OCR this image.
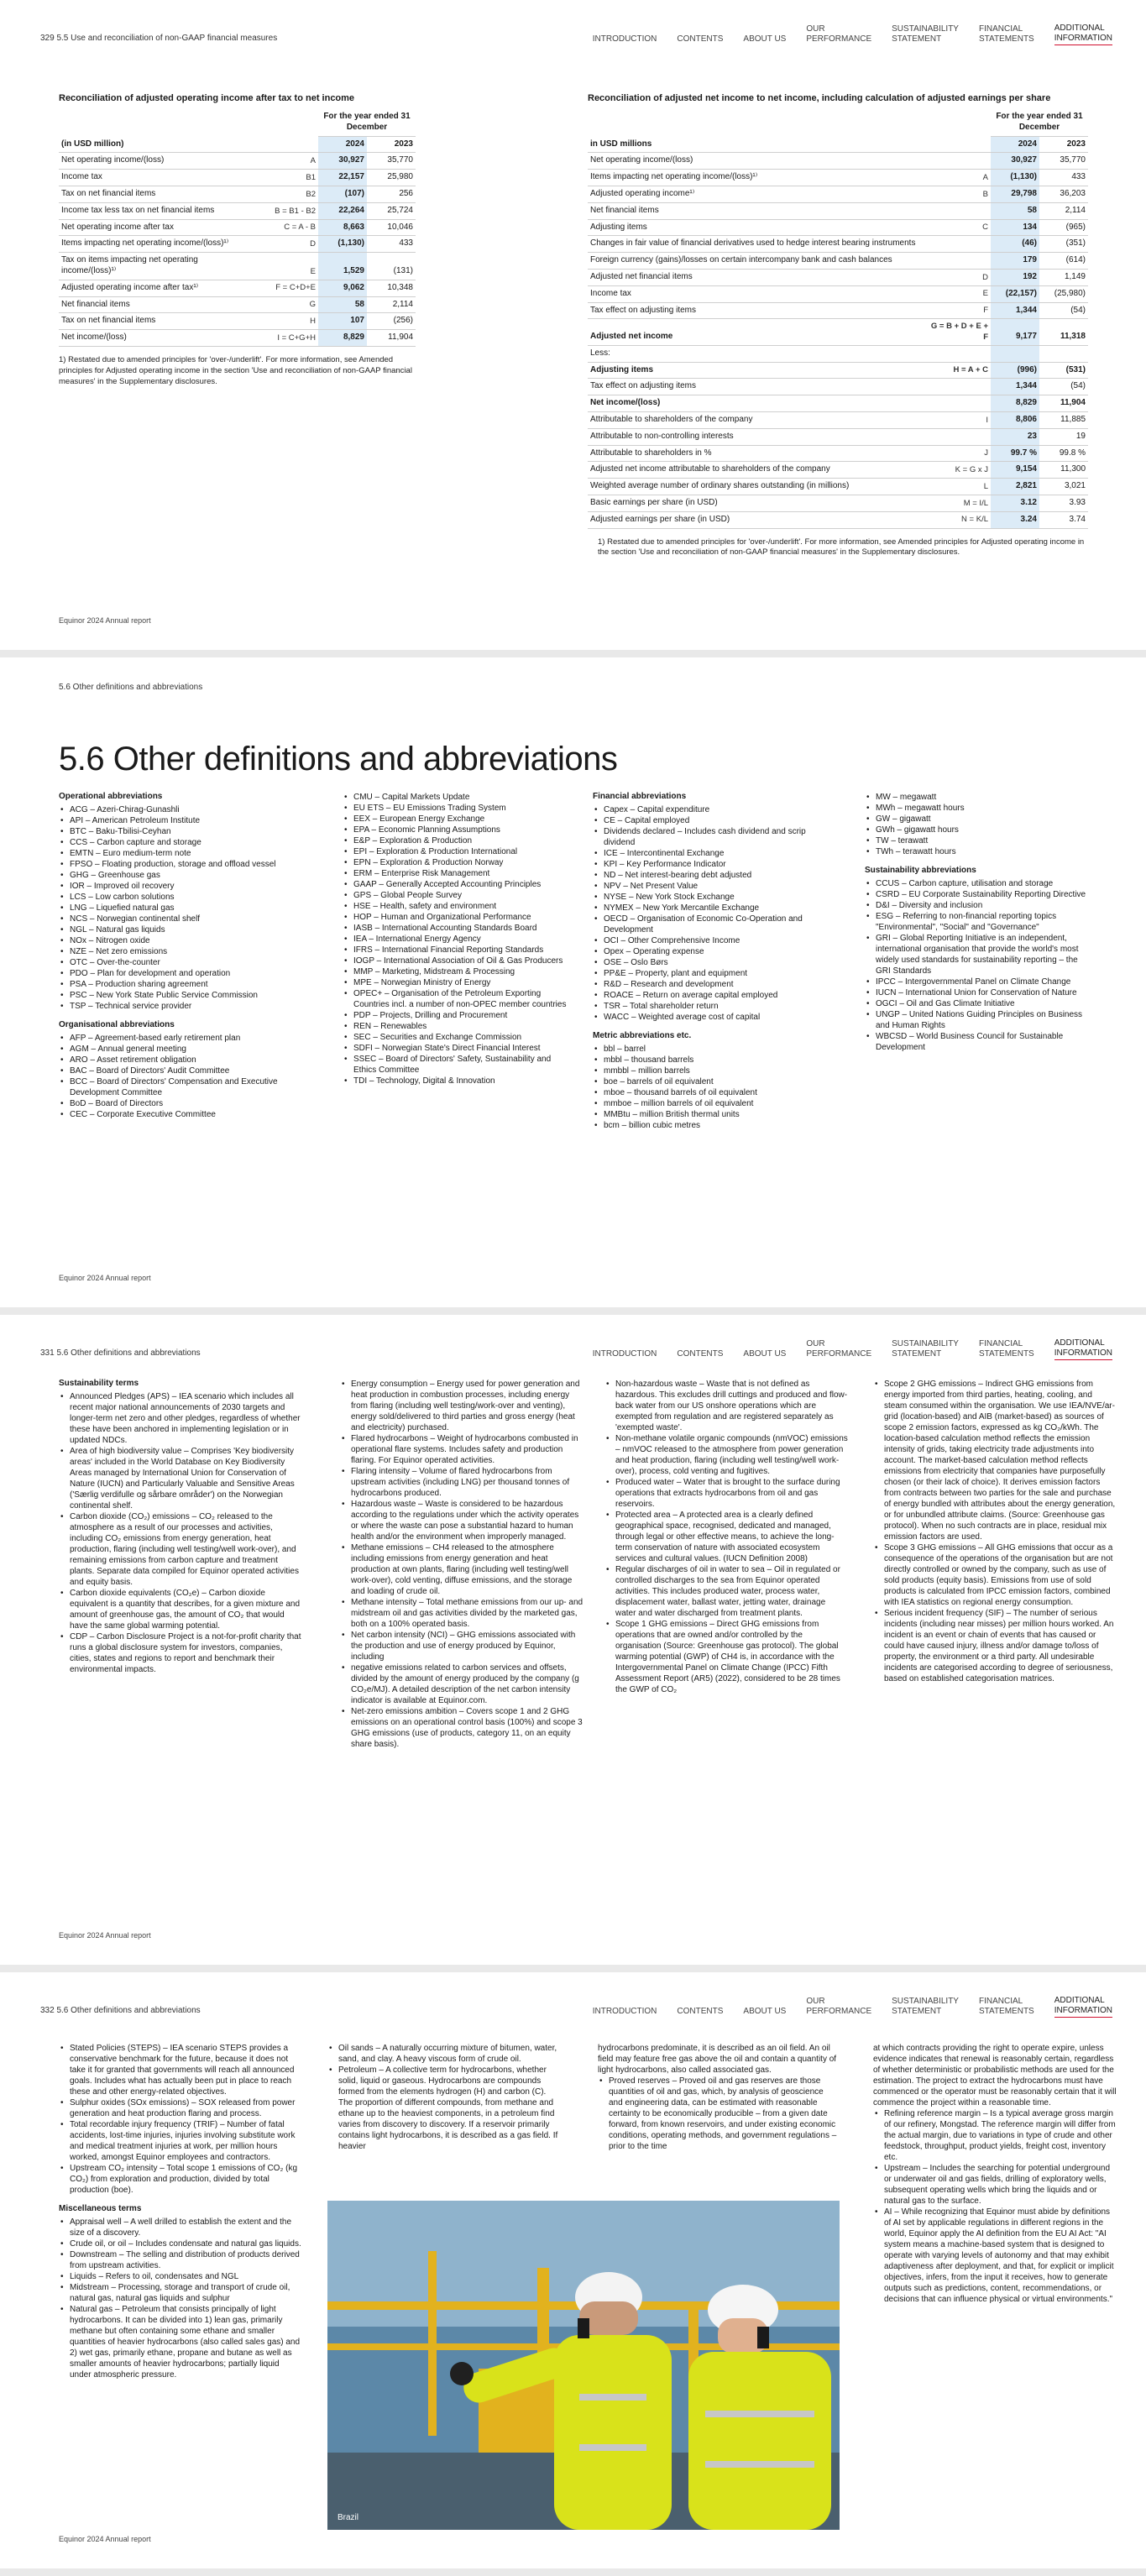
329 5.5 Use and reconciliation of non-GAAP financial measures	INTRODUCTION CONTENTS ABOUT US
OUR
PERFORMANCE
SUSTAINABILITY
STATEMENT
FINANCIAL
STATEMENTS
ADDITIONAL
INFORMATION
Reconciliation of adjusted operating income after tax to net income
		For the year ended 31 December	
(in USD million)		2024	2023
Net operating income/(loss)	A	30,927	35,770
Income tax	B1	22,157	25,980
Tax on net financial items	B2	(107)	256
Income tax less tax on net financial items	B = B1 - B2	22,264	25,724
Net operating income after tax	C = A - B	8,663	10,046
Items impacting net operating income/(loss)¹⁾	D	(1,130)	433
Tax on items impacting net operating income/(loss)¹⁾	E	1,529	(131)
Adjusted operating income after tax¹⁾	F = C+D+E	9,062	10,348
Net financial items	G	58	2,114
Tax on net financial items	H	107	(256)
Net income/(loss)	I = C+G+H	8,829	11,904
1) Restated due to amended principles for 'over-/underlift'. For more information, see Amended principles for Adjusted operating income in the section 'Use and reconciliation of non-GAAP financial measures' in the Supplementary disclosures.
Reconciliation of adjusted net income to net income, including calculation of adjusted earnings per share
		For the year ended 31 December	
in USD millions		2024	2023
Net operating income/(loss)		30,927	35,770
Items impacting net operating income/(loss)¹⁾	A	(1,130)	433
Adjusted operating income¹⁾	B	29,798	36,203
Net financial items		58	2,114
Adjusting items	C	134	(965)
Changes in fair value of financial derivatives used to hedge interest bearing instruments		(46)	(351)
Foreign currency (gains)/losses on certain intercompany bank and cash balances		179	(614)
Adjusted net financial items	D	192	1,149
Income tax	E	(22,157)	(25,980)
Tax effect on adjusting items	F	1,344	(54)
Adjusted net income	G = B + D + E + F	9,177	11,318
Less:			
Adjusting items	H = A + C	(996)	(531)
Tax effect on adjusting items		1,344	(54)
Net income/(loss)		8,829	11,904
Attributable to shareholders of the company	I	8,806	11,885
Attributable to non-controlling interests		23	19
Attributable to shareholders in %	J	99.7 %	99.8 %
Adjusted net income attributable to shareholders of the company	K = G x J	9,154	11,300
Weighted average number of ordinary shares outstanding (in millions)	L	2,821	3,021
Basic earnings per share (in USD)	M = I/L	3.12	3.93
Adjusted earnings per share (in USD)	N = K/L	3.24	3.74
1) Restated due to amended principles for 'over-/underlift'. For more information, see Amended principles for Adjusted operating income in the section 'Use and reconciliation of non-GAAP financial measures' in the Supplementary disclosures.
Equinor 2024 Annual report
5.6 Other definitions and abbreviations
5.6 Other definitions and abbreviations
Operational abbreviations
• ACG – Azeri-Chirag-Gunashli
• API – American Petroleum Institute
• BTC – Baku-Tbilisi-Ceyhan
• CCS – Carbon capture and storage
• EMTN – Euro medium-term note
• FPSO – Floating production, storage and offload vessel
• GHG – Greenhouse gas
• IOR – Improved oil recovery
• LCS – Low carbon solutions
• LNG – Liquefied natural gas
• NCS – Norwegian continental shelf
• NGL – Natural gas liquids
• NOx – Nitrogen oxide
• NZE – Net zero emissions
• OTC – Over-the-counter
• PDO – Plan for development and operation
• PSA – Production sharing agreement
• PSC – New York State Public Service Commission
• TSP – Technical service provider
Organisational abbreviations
• AFP – Agreement-based early retirement plan
• AGM – Annual general meeting
• ARO – Asset retirement obligation
• BAC – Board of Directors' Audit Committee
• BCC – Board of Directors' Compensation and Executive Development Committee
• BoD – Board of Directors
• CEC – Corporate Executive Committee
• CMU – Capital Markets Update
• EU ETS – EU Emissions Trading System
• EEX – European Energy Exchange
• EPA – Economic Planning Assumptions
• E&P – Exploration & Production
• EPI – Exploration & Production International
• EPN – Exploration & Production Norway
• ERM – Enterprise Risk Management
• GAAP – Generally Accepted Accounting Principles
• GPS – Global People Survey
• HSE – Health, safety and environment
• HOP – Human and Organizational Performance
• IASB – International Accounting Standards Board
• IEA – International Energy Agency
• IFRS – International Financial Reporting Standards
• IOGP – International Association of Oil & Gas Producers
• MMP – Marketing, Midstream & Processing
• MPE – Norwegian Ministry of Energy
• OPEC+ – Organisation of the Petroleum Exporting Countries incl. a number of non-OPEC member countries
• PDP – Projects, Drilling and Procurement
• REN – Renewables
• SEC – Securities and Exchange Commission
• SDFI – Norwegian State's Direct Financial Interest
• SSEC – Board of Directors' Safety, Sustainability and Ethics Committee
• TDI – Technology, Digital & Innovation
Financial abbreviations
• Capex – Capital expenditure
• CE – Capital employed
• Dividends declared – Includes cash dividend and scrip dividend
• ICE – Intercontinental Exchange
• KPI – Key Performance Indicator
• ND – Net interest-bearing debt adjusted
• NPV – Net Present Value
• NYSE – New York Stock Exchange
• NYMEX – New York Mercantile Exchange
• OECD – Organisation of Economic Co-Operation and Development
• OCI – Other Comprehensive Income
• Opex – Operating expense
• OSE – Oslo Børs
• PP&E – Property, plant and equipment
• R&D – Research and development
• ROACE – Return on average capital employed
• TSR – Total shareholder return
• WACC – Weighted average cost of capital
Metric abbreviations etc.
• bbl – barrel
• mbbl – thousand barrels
• mmbbl – million barrels
• boe – barrels of oil equivalent
• mboe – thousand barrels of oil equivalent
• mmboe – million barrels of oil equivalent
• MMBtu – million British thermal units
• bcm – billion cubic metres
• MW – megawatt
• MWh – megawatt hours
• GW – gigawatt
• GWh – gigawatt hours
• TW – terawatt
• TWh – terawatt hours
Sustainability abbreviations
• CCUS – Carbon capture, utilisation and storage
• CSRD – EU Corporate Sustainability Reporting Directive
• D&I – Diversity and inclusion
• ESG – Referring to non-financial reporting topics "Environmental", "Social" and "Governance"
• GRI – Global Reporting Initiative is an independent, international organisation that provide the world's most widely used standards for sustainability reporting – the GRI Standards
• IPCC – Intergovernmental Panel on Climate Change
• IUCN – International Union for Conservation of Nature
• OGCI – Oil and Gas Climate Initiative
• UNGP – United Nations Guiding Principles on Business and Human Rights
• WBCSD – World Business Council for Sustainable Development
Equinor 2024 Annual report
331 5.6 Other definitions and abbreviations	INTRODUCTION CONTENTS ABOUT US
OUR
PERFORMANCE
SUSTAINABILITY
STATEMENT
FINANCIAL
STATEMENTS
ADDITIONAL
INFORMATION
Sustainability terms
• Announced Pledges (APS) – IEA scenario which includes all recent major national announcements of 2030 targets and longer-term net zero and other pledges, regardless of whether these have been anchored in implementing legislation or in updated NDCs.
• Area of high biodiversity value – Comprises 'Key biodiversity areas' included in the World Database on Key Biodiversity Areas managed by International Union for Conservation of Nature (IUCN) and Particularly Valuable and Sensitive Areas ('Særlig verdifulle og sårbare områder') on the Norwegian continental shelf.
• Carbon dioxide (CO₂) emissions – CO₂ released to the atmosphere as a result of our processes and activities, including CO₂ emissions from energy generation, heat production, flaring (including well testing/well work-over), and remaining emissions from carbon capture and treatment plants. Separate data compiled for Equinor operated activities and equity basis.
• Carbon dioxide equivalents (CO₂e) – Carbon dioxide equivalent is a quantity that describes, for a given mixture and amount of greenhouse gas, the amount of CO₂ that would have the same global warming potential.
• CDP – Carbon Disclosure Project is a not-for-profit charity that runs a global disclosure system for investors, companies, cities, states and regions to report and benchmark their environmental impacts.
• Energy consumption – Energy used for power generation and heat production in combustion processes, including energy from flaring (including well testing/work-over and venting), energy sold/delivered to third parties and gross energy (heat and electricity) purchased.
• Flared hydrocarbons – Weight of hydrocarbons combusted in operational flare systems. Includes safety and production flaring. For Equinor operated activities.
• Flaring intensity – Volume of flared hydrocarbons from upstream activities (including LNG) per thousand tonnes of hydrocarbons produced.
• Hazardous waste – Waste is considered to be hazardous according to the regulations under which the activity operates or where the waste can pose a substantial hazard to human health and/or the environment when improperly managed.
• Methane emissions – CH4 released to the atmosphere including emissions from energy generation and heat production at own plants, flaring (including well testing/well work-over), cold venting, diffuse emissions, and the storage and loading of crude oil.
• Methane intensity – Total methane emissions from our up- and midstream oil and gas activities divided by the marketed gas, both on a 100% operated basis.
• Net carbon intensity (NCI) – GHG emissions associated with the production and use of energy produced by Equinor, including
• negative emissions related to carbon services and offsets, divided by the amount of energy produced by the company (g CO₂e/MJ). A detailed description of the net carbon intensity indicator is available at Equinor.com.
• Net-zero emissions ambition – Covers scope 1 and 2 GHG emissions on an operational control basis (100%) and scope 3 GHG emissions (use of products, category 11, on an equity share basis).
• Non-hazardous waste – Waste that is not defined as hazardous. This excludes drill cuttings and produced and flow-back water from our US onshore operations which are exempted from regulation and are registered separately as 'exempted waste'.
• Non-methane volatile organic compounds (nmVOC) emissions – nmVOC released to the atmosphere from power generation and heat production, flaring (including well testing/well work-over), process, cold venting and fugitives.
• Produced water – Water that is brought to the surface during operations that extracts hydrocarbons from oil and gas reservoirs.
• Protected area – A protected area is a clearly defined geographical space, recognised, dedicated and managed, through legal or other effective means, to achieve the long-term conservation of nature with associated ecosystem services and cultural values. (IUCN Definition 2008)
• Regular discharges of oil in water to sea – Oil in regulated or controlled discharges to the sea from Equinor operated activities. This includes produced water, process water, displacement water, ballast water, jetting water, drainage water and water discharged from treatment plants.
• Scope 1 GHG emissions – Direct GHG emissions from operations that are owned and/or controlled by the organisation (Source: Greenhouse gas protocol). The global warming potential (GWP) of CH4 is, in accordance with the Intergovernmental Panel on Climate Change (IPCC) Fifth Assessment Report (AR5) (2022), considered to be 28 times the GWP of CO₂
• Scope 2 GHG emissions – Indirect GHG emissions from energy imported from third parties, heating, cooling, and steam consumed within the organisation. We use IEA/NVE/ar-grid (location-based) and AIB (market-based) as sources of scope 2 emission factors, expressed as kg CO₂/kWh. The location-based calculation method reflects the emission intensity of grids, taking electricity trade adjustments into account. The market-based calculation method reflects emissions from electricity that companies have purposefully chosen (or their lack of choice). It derives emission factors from contracts between two parties for the sale and purchase of energy bundled with attributes about the energy generation, or for unbundled attribute claims. (Source: Greenhouse gas protocol). When no such contracts are in place, residual mix emission factors are used.
• Scope 3 GHG emissions – All GHG emissions that occur as a consequence of the operations of the organisation but are not directly controlled or owned by the company, such as use of sold products (equity basis). Emissions from use of sold products is calculated from IPCC emission factors, combined with IEA statistics on regional energy consumption.
• Serious incident frequency (SIF) – The number of serious incidents (including near misses) per million hours worked. An incident is an event or chain of events that has caused or could have caused injury, illness and/or damage to/loss of property, the environment or a third party. All undesirable incidents are categorised according to degree of seriousness, based on established categorisation matrices.
Equinor 2024 Annual report
332 5.6 Other definitions and abbreviations	INTRODUCTION CONTENTS ABOUT US
OUR
PERFORMANCE
SUSTAINABILITY
STATEMENT
FINANCIAL
STATEMENTS
ADDITIONAL
INFORMATION
• Stated Policies (STEPS) – IEA scenario STEPS provides a conservative benchmark for the future, because it does not take it for granted that governments will reach all announced goals. Includes what has actually been put in place to reach these and other energy-related objectives.
• Sulphur oxides (SOx emissions) – SOX released from power generation and heat production flaring and process.
• Total recordable injury frequency (TRIF) – Number of fatal accidents, lost-time injuries, injuries involving substitute work and medical treatment injuries at work, per million hours worked, amongst Equinor employees and contractors.
• Upstream CO₂ intensity – Total scope 1 emissions of CO₂ (kg CO₂) from exploration and production, divided by total production (boe).
Miscellaneous terms
• Appraisal well – A well drilled to establish the extent and the size of a discovery.
• Crude oil, or oil – Includes condensate and natural gas liquids.
• Downstream – The selling and distribution of products derived from upstream activities.
• Liquids – Refers to oil, condensates and NGL
• Midstream – Processing, storage and transport of crude oil, natural gas, natural gas liquids and sulphur
• Natural gas – Petroleum that consists principally of light hydrocarbons. It can be divided into 1) lean gas, primarily methane but often containing some ethane and smaller quantities of heavier hydrocarbons (also called sales gas) and 2) wet gas, primarily ethane, propane and butane as well as smaller amounts of heavier hydrocarbons; partially liquid under atmospheric pressure.
• Oil sands – A naturally occurring mixture of bitumen, water, sand, and clay. A heavy viscous form of crude oil.
• Petroleum – A collective term for hydrocarbons, whether solid, liquid or gaseous. Hydrocarbons are compounds formed from the elements hydrogen (H) and carbon (C). The proportion of different compounds, from methane and ethane up to the heaviest components, in a petroleum find varies from discovery to discovery. If a reservoir primarily contains light hydrocarbons, it is described as a gas field. If heavier
hydrocarbons predominate, it is described as an oil field. An oil field may feature free gas above the oil and contain a quantity of light hydrocarbons, also called associated gas.
• Proved reserves – Proved oil and gas reserves are those quantities of oil and gas, which, by analysis of geoscience and engineering data, can be estimated with reasonable certainty to be economically producible – from a given date forward, from known reservoirs, and under existing economic conditions, operating methods, and government regulations – prior to the time
at which contracts providing the right to operate expire, unless evidence indicates that renewal is reasonably certain, regardless of whether deterministic or probabilistic methods are used for the estimation. The project to extract the hydrocarbons must have commenced or the operator must be reasonably certain that it will commence the project within a reasonable time.
• Refining reference margin – Is a typical average gross margin of our refinery, Mongstad. The reference margin will differ from the actual margin, due to variations in type of crude and other feedstock, throughput, product yields, freight cost, inventory etc.
• Upstream – Includes the searching for potential underground or underwater oil and gas fields, drilling of exploratory wells, subsequent operating wells which bring the liquids and or natural gas to the surface.
• AI – While recognizing that Equinor must abide by definitions of AI set by applicable regulations in different regions in the world, Equinor apply the AI definition from the EU AI Act: "AI system means a machine-based system that is designed to operate with varying levels of autonomy and that may exhibit adaptiveness after deployment, and that, for explicit or implicit objectives, infers, from the input it receives, how to generate outputs such as predictions, content, recommendations, or decisions that can influence physical or virtual environments."
Brazil
Equinor 2024 Annual report
